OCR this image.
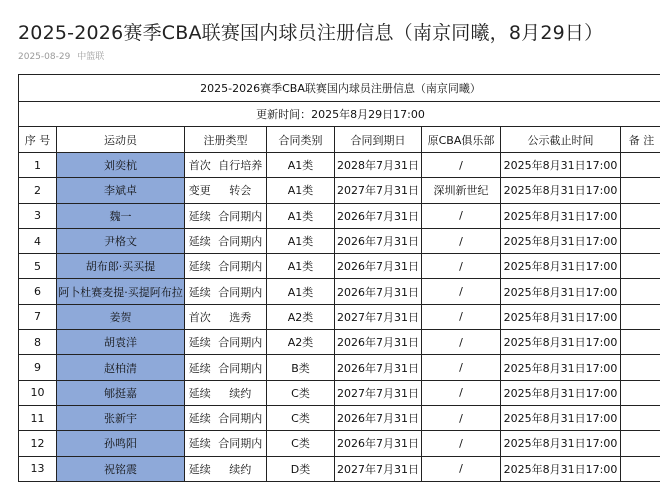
2025-2026赛季CBA联赛国内球员注册信息（南京同曦，8月29日）
2025-08-29 中篮联
2025-2026赛季CBA联赛国内球员注册信息（南京同曦）								
更新时间：2025年8月29日17:00								
序 号	运动员	注册类型		合同类别	合同到期日	原CBA俱乐部	公示截止时间	备 注
1	刘奕杭	首次	自行培养	A1类	2028年7月31日	/	2025年8月31日17:00	
2	李斌卓	变更	转会	A1类	2027年7月31日	深圳新世纪	2025年8月31日17:00	
3	魏一	延续	合同期内	A1类	2026年7月31日	/	2025年8月31日17:00	
4	尹格文	延续	合同期内	A1类	2026年7月31日	/	2025年8月31日17:00	
5	胡布郎·买买提	延续	合同期内	A1类	2026年7月31日	/	2025年8月31日17:00	
6	阿卜杜赛麦提·买提阿布拉	延续	合同期内	A1类	2026年7月31日	/	2025年8月31日17:00	
7	姜贺	首次	选秀	A2类	2027年7月31日	/	2025年8月31日17:00	
8	胡袁洋	延续	合同期内	A2类	2026年7月31日	/	2025年8月31日17:00	
9	赵柏清	延续	合同期内	B类	2026年7月31日	/	2025年8月31日17:00	
10	郇挺嘉	延续	续约	C类	2027年7月31日	/	2025年8月31日17:00	
11	张新宇	延续	合同期内	C类	2026年7月31日	/	2025年8月31日17:00	
12	孙鸣阳	延续	合同期内	C类	2026年7月31日	/	2025年8月31日17:00	
13	祝铭震	延续	续约	D类	2027年7月31日	/	2025年8月31日17:00	
